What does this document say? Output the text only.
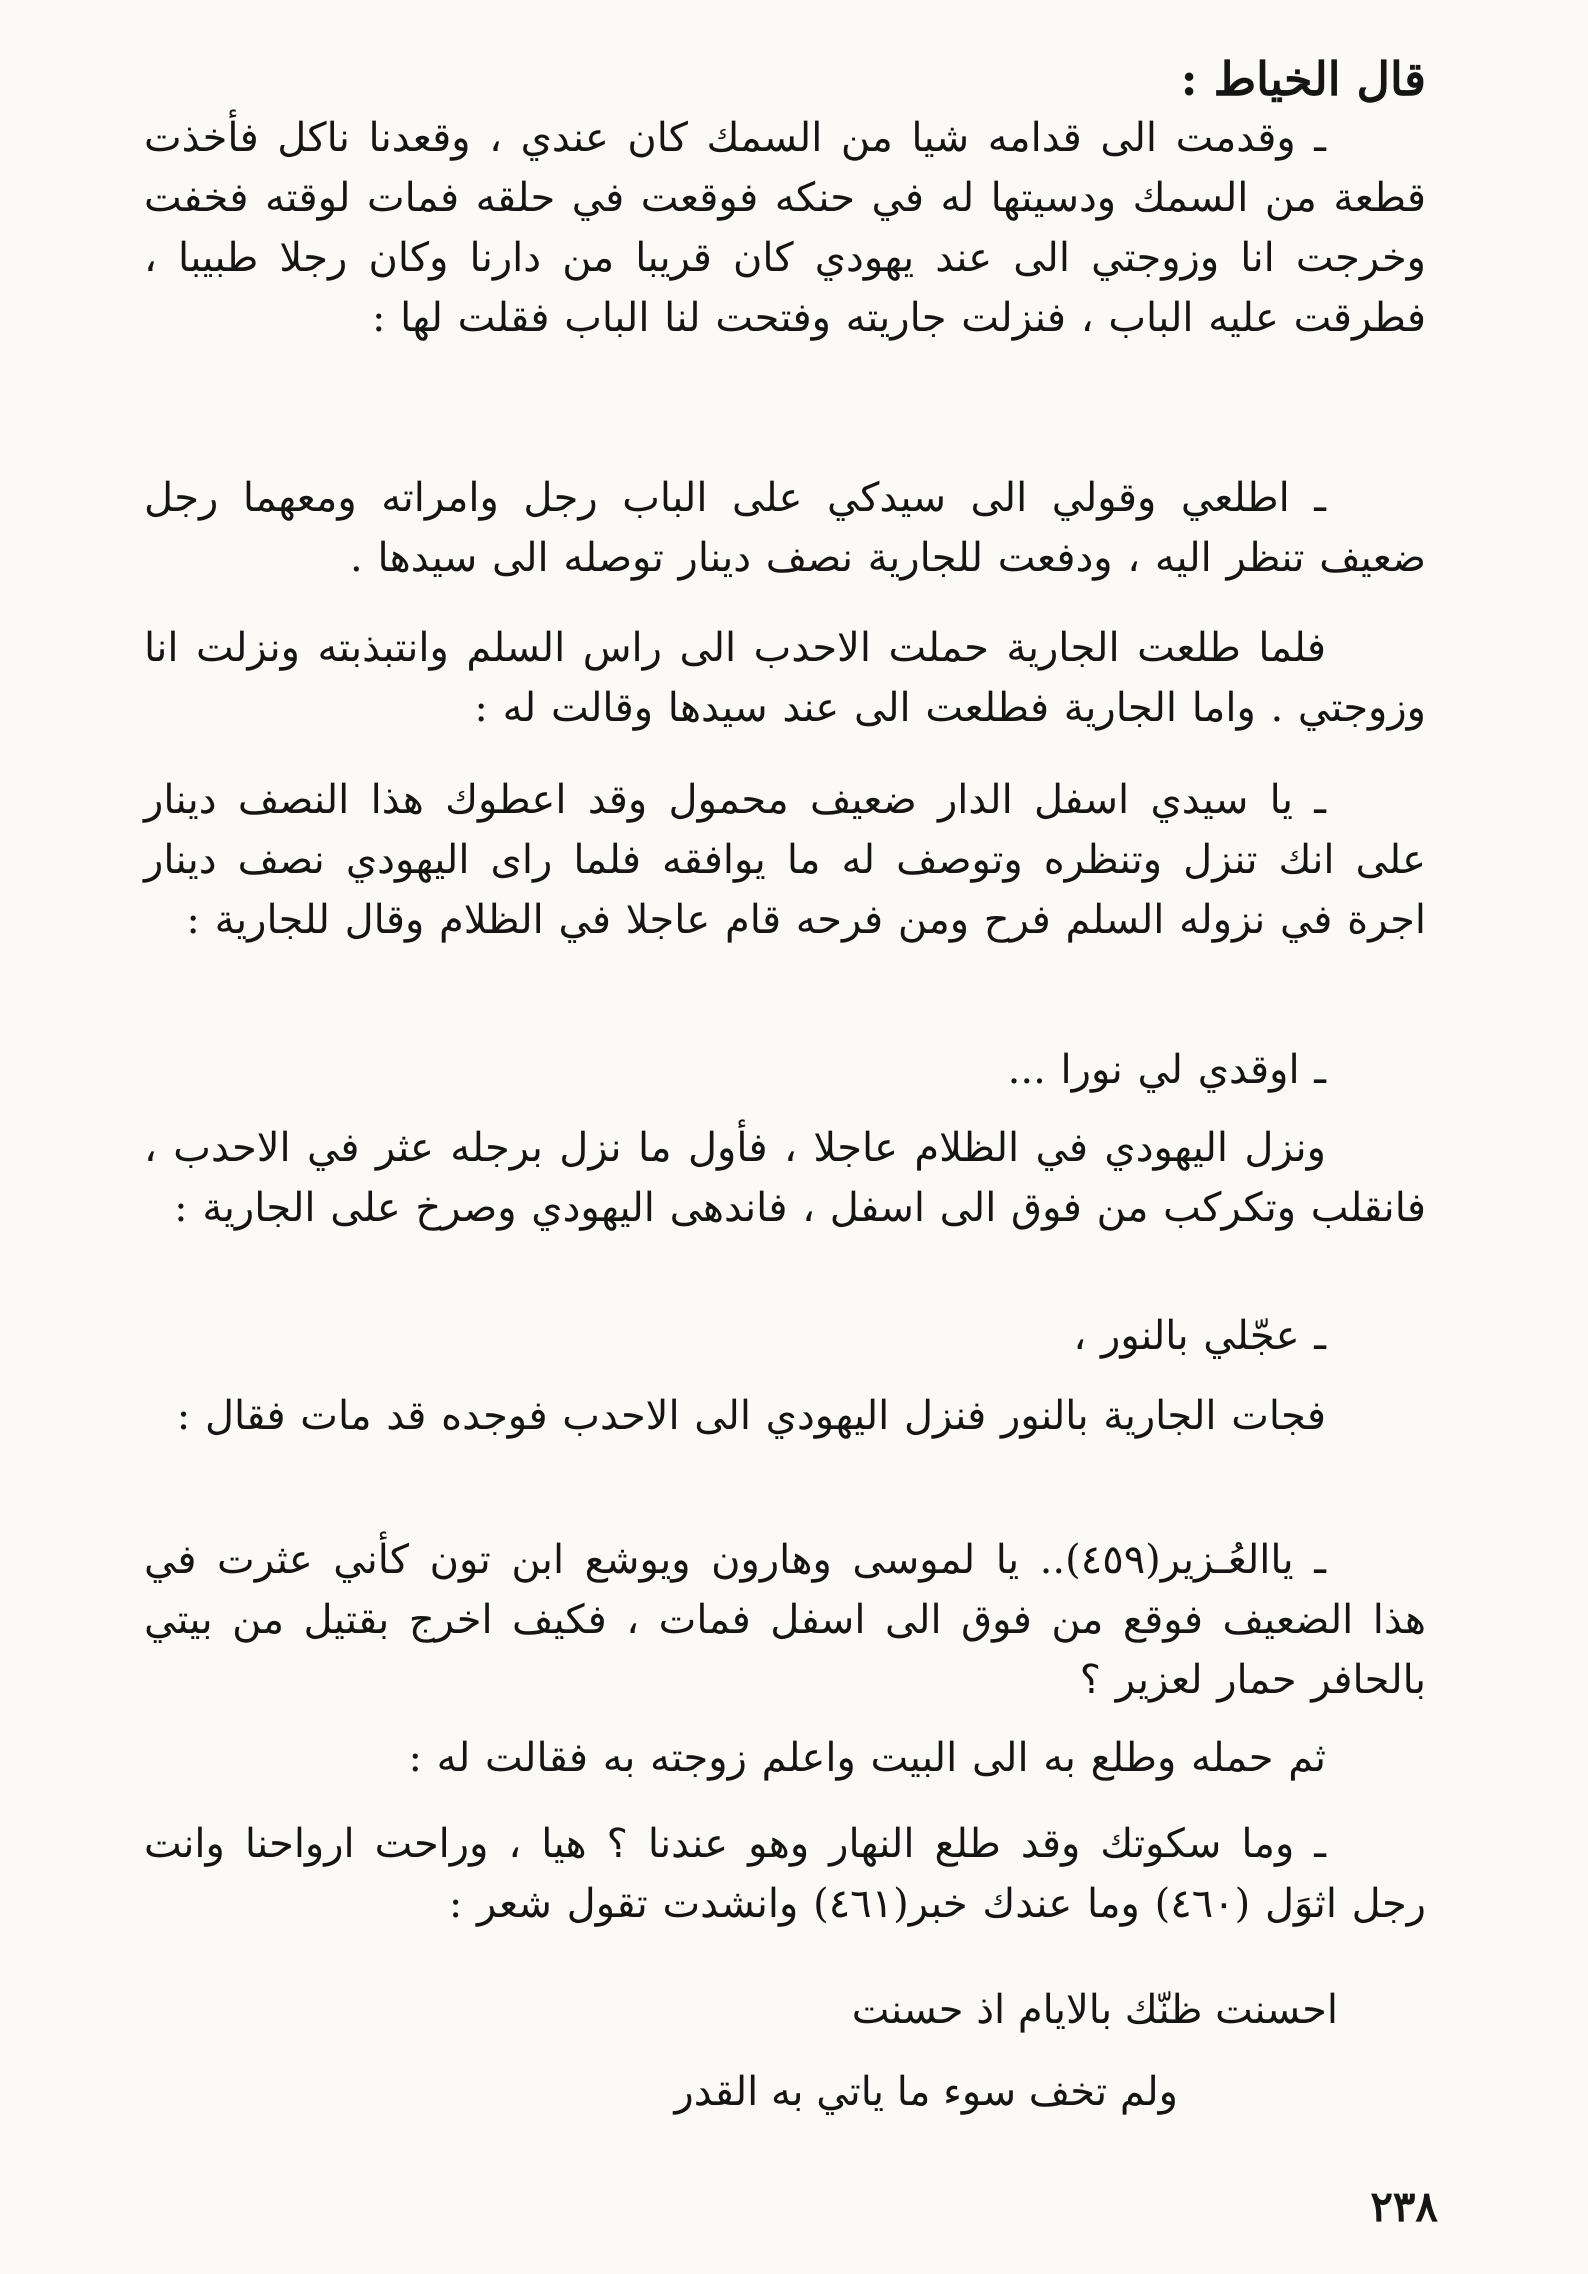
قال الخياط :

ـ وقدمت الى قدامه شيا من السمك كان عندي ، وقعدنا ناكل فأخذت قطعة من السمك ودسيتها له في حنكه فوقعت في حلقه فمات لوقته فخفت وخرجت انا وزوجتي الى عند يهودي كان قريبا من دارنا وكان رجلا طبيبا ، فطرقت عليه الباب ، فنزلت جاريته وفتحت لنا الباب فقلت لها :

ـ اطلعي وقولي الى سيدكي على الباب رجل وامراته ومعهما رجل ضعيف تنظر اليه ، ودفعت للجارية نصف دينار توصله الى سيدها .

فلما طلعت الجارية حملت الاحدب الى راس السلم وانتبذبته ونزلت انا وزوجتي . واما الجارية فطلعت الى عند سيدها وقالت له :

ـ يا سيدي اسفل الدار ضعيف محمول وقد اعطوك هذا النصف دينار على انك تنزل وتنظره وتوصف له ما يوافقه فلما راى اليهودي نصف دينار اجرة في نزوله السلم فرح ومن فرحه قام عاجلا في الظلام وقال للجارية :

ـ اوقدي لي نورا ...

ونزل اليهودي في الظلام عاجلا ، فأول ما نزل برجله عثر في الاحدب ، فانقلب وتكركب من فوق الى اسفل ، فاندهى اليهودي وصرخ على الجارية :

ـ عجّلي بالنور ،

فجات الجارية بالنور فنزل اليهودي الى الاحدب فوجده قد مات فقال :

ـ ياالعُـزير(٤٥٩).. يا لموسى وهارون ويوشع ابن تون كأني عثرت في هذا الضعيف فوقع من فوق الى اسفل فمات ، فكيف اخرج بقتيل من بيتي بالحافر حمار لعزير ؟

ثم حمله وطلع به الى البيت واعلم زوجته به فقالت له :

ـ وما سكوتك وقد طلع النهار وهو عندنا ؟ هيا ، وراحت ارواحنا وانت رجل اثوَل (٤٦٠) وما عندك خبر(٤٦١) وانشدت تقول شعر :

احسنت ظنّك بالايام اذ حسنت

ولم تخف سوء ما ياتي به القدر

٢٣٨
